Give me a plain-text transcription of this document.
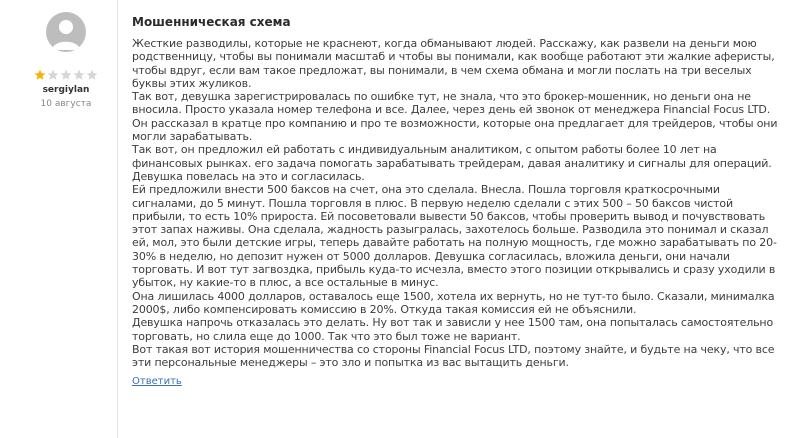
sergiylan
10 августа
Мошенническая схема

Жесткие разводилы, которые не краснеют, когда обманывают людей. Расскажу, как развели на деньги мою родственницу, чтобы вы понимали масштаб и чтобы вы понимали, как вообще работают эти жалкие аферисты, чтобы вдруг, если вам такое предложат, вы понимали, в чем схема обмана и могли послать на три веселых буквы этих жуликов.

Так вот, девушка зарегистрировалась по ошибке тут, не знала, что это брокер-мошенник, но деньги она не вносила. Просто указала номер телефона и все. Далее, через день ей звонок от менеджера Financial Focus LTD. Он рассказал в кратце про компанию и про те возможности, которые она предлагает для трейдеров, чтобы они могли зарабатывать.

Так вот, он предложил ей работать с индивидуальным аналитиком, с опытом работы более 10 лет на финансовых рынках. его задача помогать зарабатывать трейдерам, давая аналитику и сигналы для операций. Девушка повелась на это и согласилась.

Ей предложили внести 500 баксов на счет, она это сделала. Внесла. Пошла торговля краткосрочными сигналами, до 5 минут. Пошла торговля в плюс. В первую неделю сделали с этих 500 – 50 баксов чистой прибыли, то есть 10% прироста. Ей посоветовали вывести 50 баксов, чтобы проверить вывод и почувствовать этот запах наживы. Она сделала, жадность разыгралась, захотелось больше. Разводила это понимал и сказал ей, мол, это были детские игры, теперь давайте работать на полную мощность, где можно зарабатывать по 20-30% в неделю, но депозит нужен от 5000 долларов. Девушка согласилась, вложила деньги, они начали торговать. И вот тут загвоздка, прибыль куда-то исчезла, вместо этого позиции открывались и сразу уходили в убыток, ну какие-то в плюс, а все остальные в минус.

Она лишилась 4000 долларов, оставалось еще 1500, хотела их вернуть, но не тут-то было. Сказали, минималка 2000$, либо компенсировать комиссию в 20%. Откуда такая комиссия ей не объяснили.

Девушка напрочь отказалась это делать. Ну вот так и зависли у нее 1500 там, она попыталась самостоятельно торговать, но слила еще до 1000. Так что это был тоже не вариант.

Вот такая вот история мошенничества со стороны Financial Focus LTD, поэтому знайте, и будьте на чеку, что все эти персональные менеджеры – это зло и попытка из вас вытащить деньги.

Ответить
